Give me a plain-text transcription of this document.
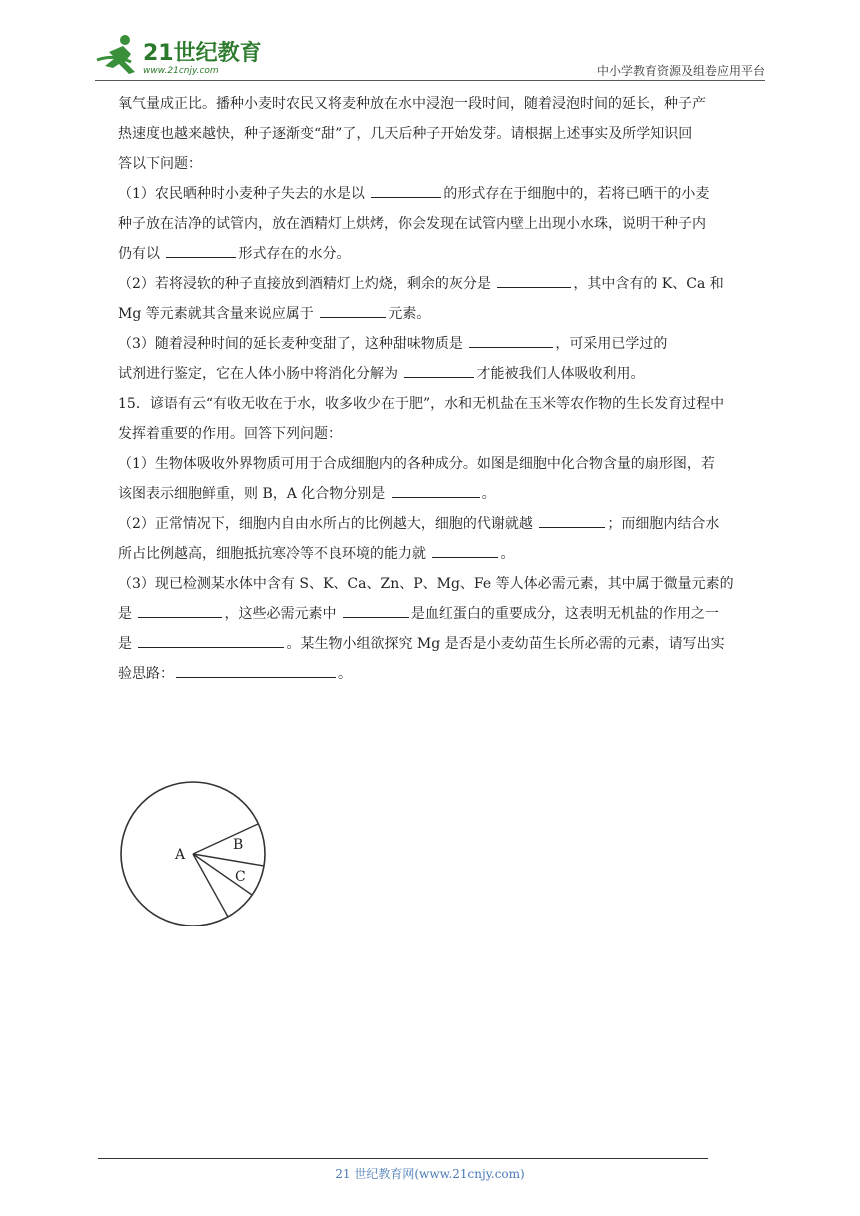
21世纪教育
www.21cnjy.com	中小学教育资源及组卷应用平台

氧气量成正比。播种小麦时农民又将麦种放在水中浸泡一段时间，随着浸泡时间的延长，种子产

热速度也越来越快，种子逐渐变“甜”了，几天后种子开始发芽。请根据上述事实及所学知识回

答以下问题：

（1）农民晒种时小麦种子失去的水是以	的形式存在于细胞中的，若将已晒干的小麦

种子放在洁净的试管内，放在酒精灯上烘烤，你会发现在试管内壁上出现小水珠，说明干种子内

仍有以	形式存在的水分。

（2）若将浸软的种子直接放到酒精灯上灼烧，剩余的灰分是	，其中含有的 K、Ca 和

Mg 等元素就其含量来说应属于	元素。

（3）随着浸种时间的延长麦种变甜了，这种甜味物质是	，可采用已学过的

试剂进行鉴定，它在人体小肠中将消化分解为	才能被我们人体吸收利用。

15．谚语有云“有收无收在于水，收多收少在于肥”，水和无机盐在玉米等农作物的生长发育过程中

发挥着重要的作用。回答下列问题：

（1）生物体吸收外界物质可用于合成细胞内的各种成分。如图是细胞中化合物含量的扇形图，若

该图表示细胞鲜重，则 B，A 化合物分别是	。

（2）正常情况下，细胞内自由水所占的比例越大，细胞的代谢就越	；而细胞内结合水

所占比例越高，细胞抵抗寒冷等不良环境的能力就	。

（3）现已检测某水体中含有 S、K、Ca、Zn、P、Mg、Fe 等人体必需元素，其中属于微量元素的

是	，这些必需元素中	是血红蛋白的重要成分，这表明无机盐的作用之一

是	。某生物小组欲探究 Mg 是否是小麦幼苗生长所必需的元素，请写出实

验思路：	。

A
B
C
21 世纪教育网(www.21cnjy.com)
